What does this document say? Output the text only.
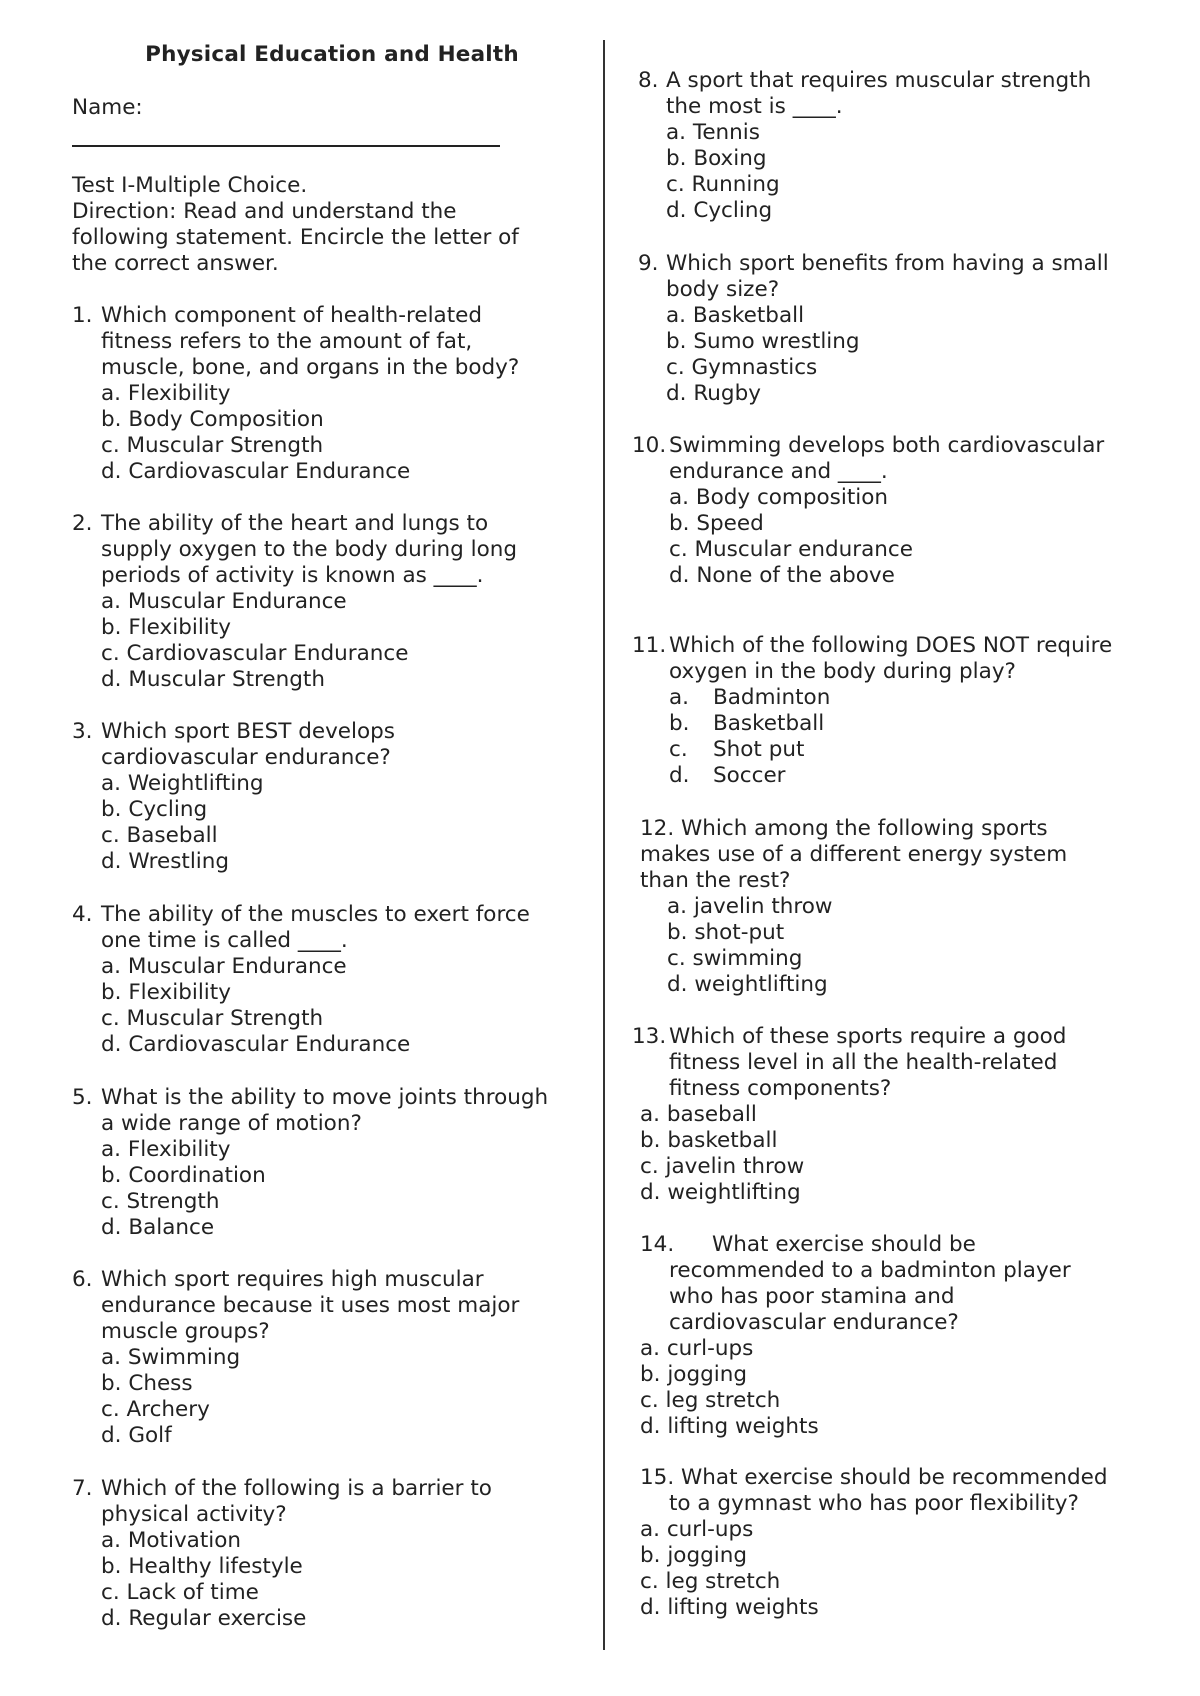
Physical Education and Health
Name:
Test I-Multiple Choice.
Direction: Read and understand the
following statement. Encircle the letter of
the correct answer.
1. Which component of health-related
fitness refers to the amount of fat,
muscle, bone, and organs in the body?
a. Flexibility
b. Body Composition
c. Muscular Strength
d. Cardiovascular Endurance
2. The ability of the heart and lungs to
supply oxygen to the body during long
periods of activity is known as ____.
a. Muscular Endurance
b. Flexibility
c. Cardiovascular Endurance
d. Muscular Strength
3. Which sport BEST develops
cardiovascular endurance?
a. Weightlifting
b. Cycling
c. Baseball
d. Wrestling
4. The ability of the muscles to exert force
one time is called ____.
a. Muscular Endurance
b. Flexibility
c. Muscular Strength
d. Cardiovascular Endurance
5. What is the ability to move joints through
a wide range of motion?
a. Flexibility
b. Coordination
c. Strength
d. Balance
6. Which sport requires high muscular
endurance because it uses most major
muscle groups?
a. Swimming
b. Chess
c. Archery
d. Golf
7. Which of the following is a barrier to
physical activity?
a. Motivation
b. Healthy lifestyle
c. Lack of time
d. Regular exercise
8. A sport that requires muscular strength
the most is ____.
a. Tennis
b. Boxing
c. Running
d. Cycling
9. Which sport benefits from having a small
body size?
a. Basketball
b. Sumo wrestling
c. Gymnastics
d. Rugby
10. Swimming develops both cardiovascular
endurance and ____.
a. Body composition
b. Speed
c. Muscular endurance
d. None of the above
11. Which of the following DOES NOT require
oxygen in the body during play?
a. Badminton
b. Basketball
c. Shot put
d. Soccer
12. Which among the following sports
makes use of a different energy system
than the rest?
a. javelin throw
b. shot-put
c. swimming
d. weightlifting
13. Which of these sports require a good
fitness level in all the health-related
fitness components?
a. baseball
b. basketball
c. javelin throw
d. weightlifting
14. What exercise should be
recommended to a badminton player
who has poor stamina and
cardiovascular endurance?
a. curl-ups
b. jogging
c. leg stretch
d. lifting weights
15. What exercise should be recommended
to a gymnast who has poor flexibility?
a. curl-ups
b. jogging
c. leg stretch
d. lifting weights
